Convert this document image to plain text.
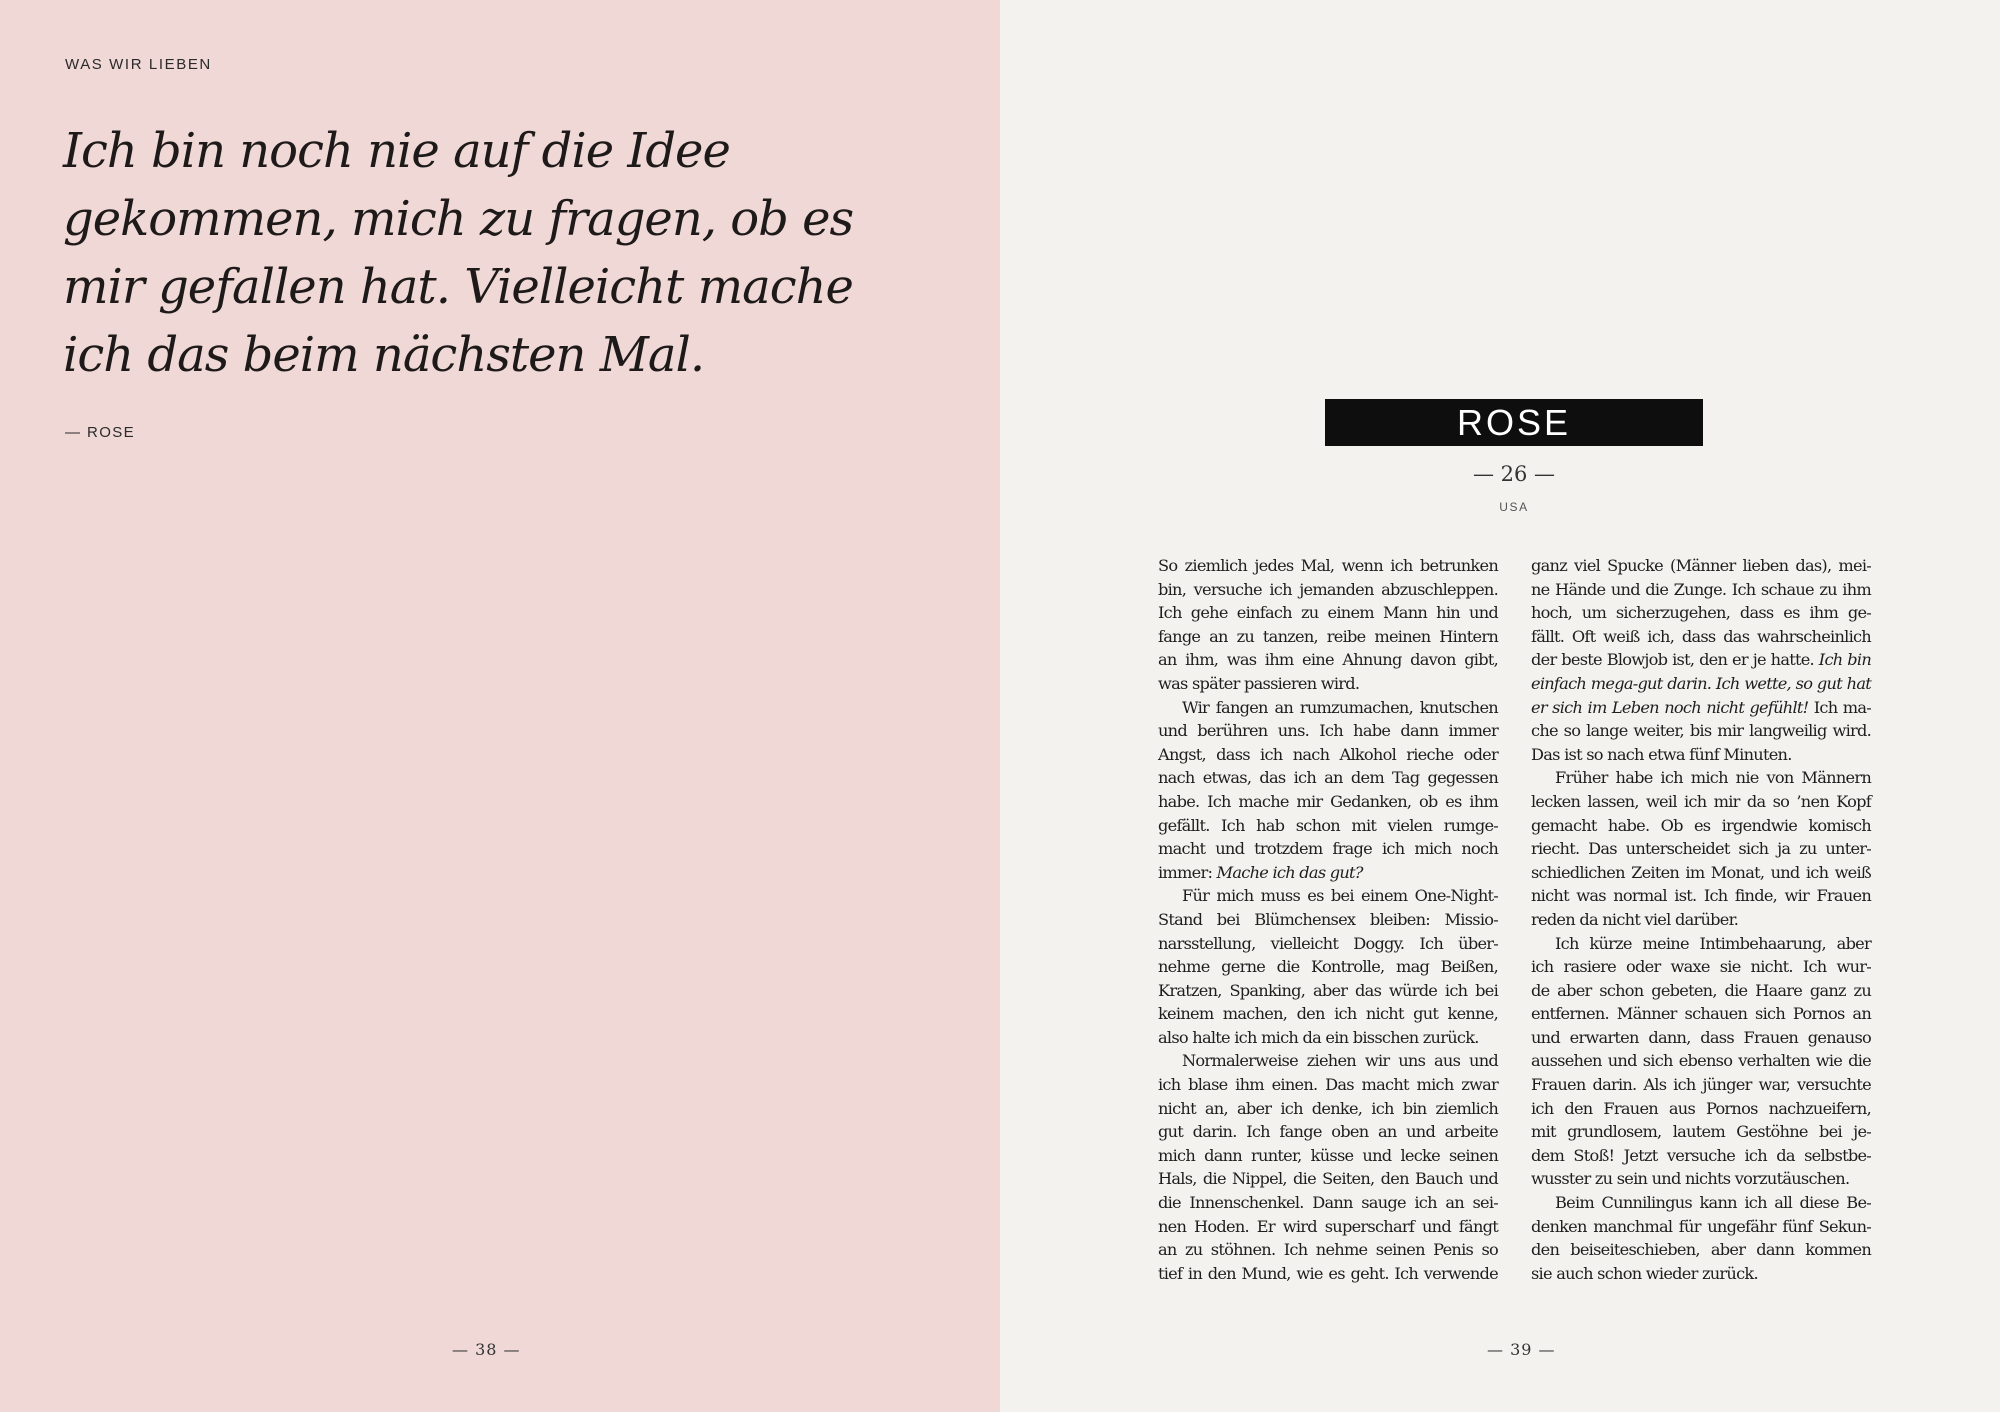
WAS WIR LIEBEN
Ich bin noch nie auf die Idee
gekommen, mich zu fragen, ob es
mir gefallen hat. Vielleicht mache
ich das beim nächsten Mal.
— ROSE
— 38 —
ROSE
— 26 —
USA
So ziemlich jedes Mal, wenn ich betrunken
bin, versuche ich jemanden abzuschleppen.
Ich gehe einfach zu einem Mann hin und
fange an zu tanzen, reibe meinen Hintern
an ihm, was ihm eine Ahnung davon gibt,
was später passieren wird.
Wir fangen an rumzumachen, knutschen
und berühren uns. Ich habe dann immer
Angst, dass ich nach Alkohol rieche oder
nach etwas, das ich an dem Tag gegessen
habe. Ich mache mir Gedanken, ob es ihm
gefällt. Ich hab schon mit vielen rumge-
macht und trotzdem frage ich mich noch
immer: Mache ich das gut?
Für mich muss es bei einem One-Night-
Stand bei Blümchensex bleiben: Missio-
narsstellung, vielleicht Doggy. Ich über-
nehme gerne die Kontrolle, mag Beißen,
Kratzen, Spanking, aber das würde ich bei
keinem machen, den ich nicht gut kenne,
also halte ich mich da ein bisschen zurück.
Normalerweise ziehen wir uns aus und
ich blase ihm einen. Das macht mich zwar
nicht an, aber ich denke, ich bin ziemlich
gut darin. Ich fange oben an und arbeite
mich dann runter, küsse und lecke seinen
Hals, die Nippel, die Seiten, den Bauch und
die Innenschenkel. Dann sauge ich an sei-
nen Hoden. Er wird superscharf und fängt
an zu stöhnen. Ich nehme seinen Penis so
tief in den Mund, wie es geht. Ich verwende
ganz viel Spucke (Männer lieben das), mei-
ne Hände und die Zunge. Ich schaue zu ihm
hoch, um sicherzugehen, dass es ihm ge-
fällt. Oft weiß ich, dass das wahrscheinlich
der beste Blowjob ist, den er je hatte. Ich bin
einfach mega-gut darin. Ich wette, so gut hat
er sich im Leben noch nicht gefühlt! Ich ma-
che so lange weiter, bis mir langweilig wird.
Das ist so nach etwa fünf Minuten.
Früher habe ich mich nie von Männern
lecken lassen, weil ich mir da so ’nen Kopf
gemacht habe. Ob es irgendwie komisch
riecht. Das unterscheidet sich ja zu unter-
schiedlichen Zeiten im Monat, und ich weiß
nicht was normal ist. Ich finde, wir Frauen
reden da nicht viel darüber.
Ich kürze meine Intimbehaarung, aber
ich rasiere oder waxe sie nicht. Ich wur-
de aber schon gebeten, die Haare ganz zu
entfernen. Männer schauen sich Pornos an
und erwarten dann, dass Frauen genauso
aussehen und sich ebenso verhalten wie die
Frauen darin. Als ich jünger war, versuchte
ich den Frauen aus Pornos nachzueifern,
mit grundlosem, lautem Gestöhne bei je-
dem Stoß! Jetzt versuche ich da selbstbe-
wusster zu sein und nichts vorzutäuschen.
Beim Cunnilingus kann ich all diese Be-
denken manchmal für ungefähr fünf Sekun-
den beiseiteschieben, aber dann kommen
sie auch schon wieder zurück.
— 39 —
